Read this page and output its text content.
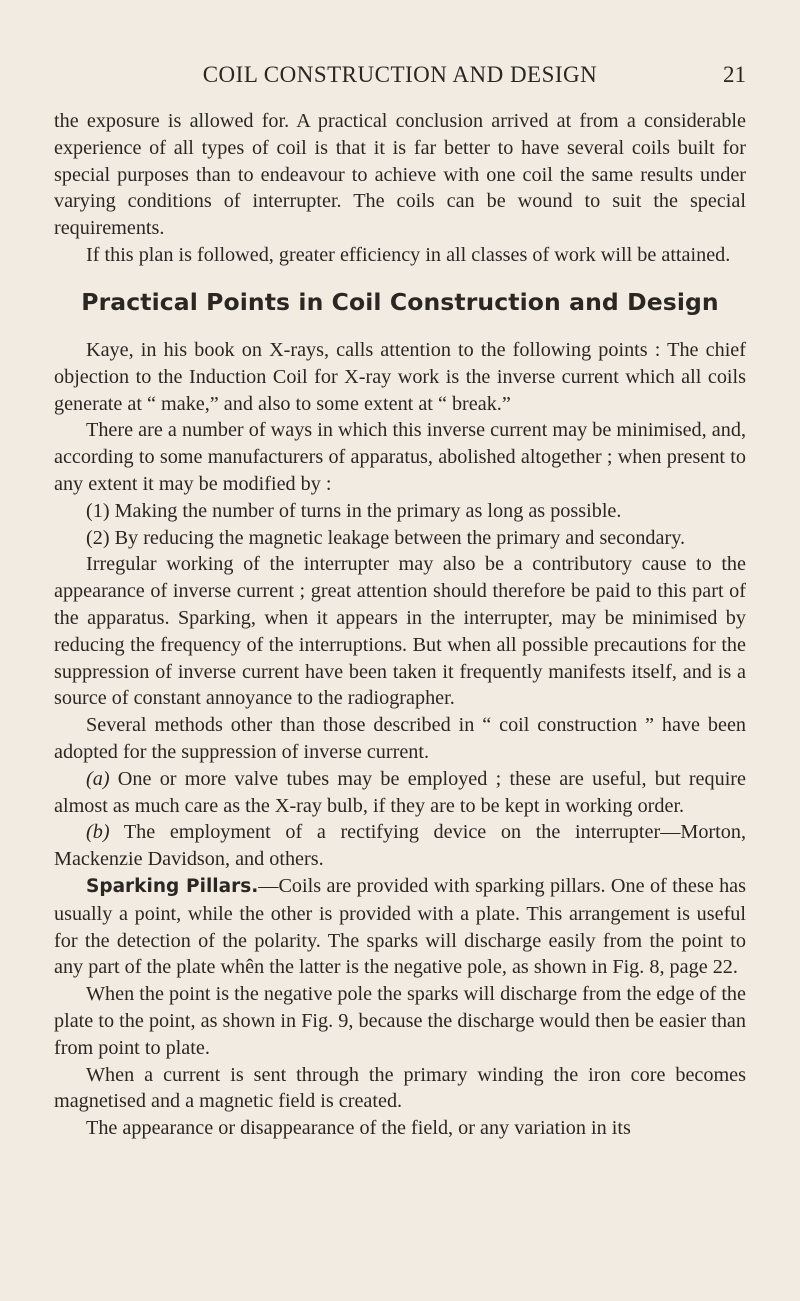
COIL CONSTRUCTION AND DESIGN	21

the exposure is allowed for. A practical conclusion arrived at from a considerable experience of all types of coil is that it is far better to have several coils built for special purposes than to endeavour to achieve with one coil the same results under varying conditions of interrupter. The coils can be wound to suit the special requirements.

If this plan is followed, greater efficiency in all classes of work will be attained.

Practical Points in Coil Construction and Design

Kaye, in his book on X-rays, calls attention to the following points : The chief objection to the Induction Coil for X-ray work is the inverse current which all coils generate at “ make,” and also to some extent at “ break.”

There are a number of ways in which this inverse current may be minimised, and, according to some manufacturers of apparatus, abolished altogether ; when present to any extent it may be modified by :

(1) Making the number of turns in the primary as long as possible.

(2) By reducing the magnetic leakage between the primary and secondary.

Irregular working of the interrupter may also be a contributory cause to the appearance of inverse current ; great attention should therefore be paid to this part of the apparatus. Sparking, when it appears in the interrupter, may be minimised by reducing the frequency of the interruptions. But when all possible precautions for the suppression of inverse current have been taken it frequently manifests itself, and is a source of constant annoyance to the radiographer.

Several methods other than those described in “ coil construction ” have been adopted for the suppression of inverse current.

(a) One or more valve tubes may be employed ; these are useful, but require almost as much care as the X-ray bulb, if they are to be kept in working order.

(b) The employment of a rectifying device on the interrupter—Morton, Mackenzie Davidson, and others.

Sparking Pillars.—Coils are provided with sparking pillars. One of these has usually a point, while the other is provided with a plate. This arrangement is useful for the detection of the polarity. The sparks will discharge easily from the point to any part of the plate whên the latter is the negative pole, as shown in Fig. 8, page 22.

When the point is the negative pole the sparks will discharge from the edge of the plate to the point, as shown in Fig. 9, because the discharge would then be easier than from point to plate.

When a current is sent through the primary winding the iron core becomes magnetised and a magnetic field is created.

The appearance or disappearance of the field, or any variation in its
